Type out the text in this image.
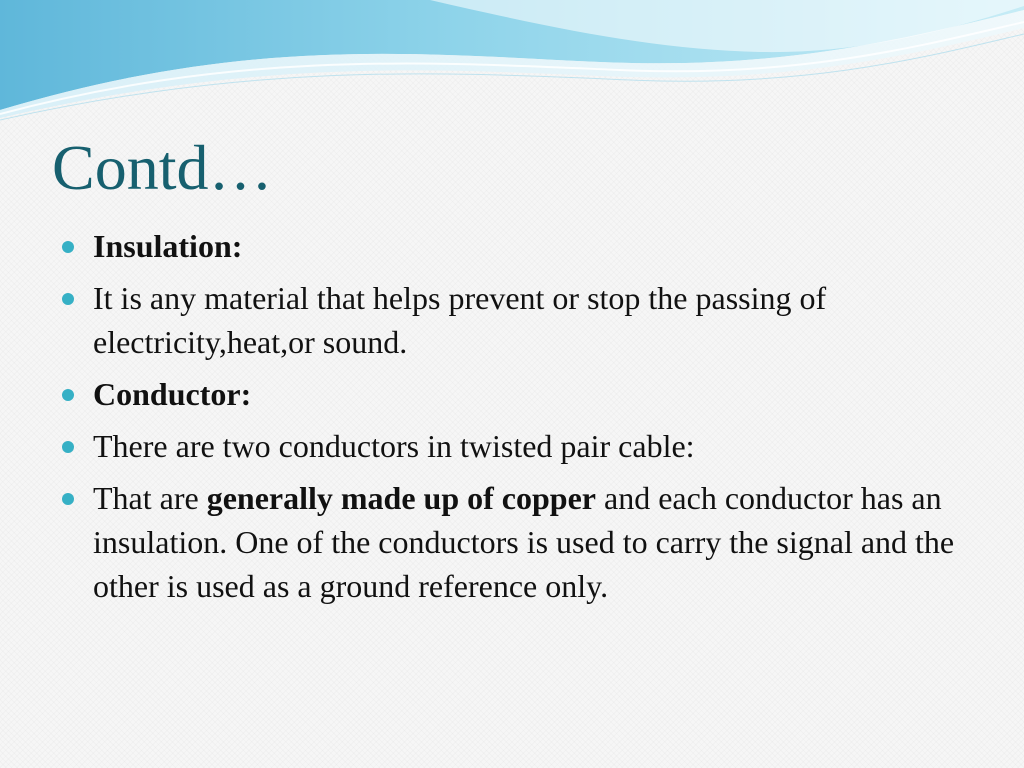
Contd…
Insulation:
It is any material that helps prevent or stop the passing of electricity,heat,or sound.
Conductor:
There are two conductors in twisted pair cable:
That are generally made up of copper and each conductor has an insulation. One of the conductors is used to carry the signal and the other is used as a ground reference only.
